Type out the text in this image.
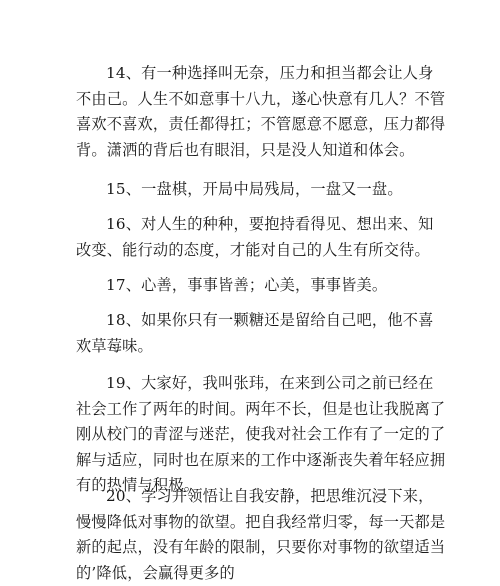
14、有一种选择叫无奈，压力和担当都会让人身不由己。人生不如意事十八九，遂心快意有几人？不管喜欢不喜欢，责任都得扛；不管愿意不愿意，压力都得背。潇洒的背后也有眼泪，只是没人知道和体会。

15、一盘棋，开局中局残局，一盘又一盘。

16、对人生的种种，要抱持看得见、想出来、知改变、能行动的态度，才能对自己的人生有所交待。

17、心善，事事皆善；心美，事事皆美。

18、如果你只有一颗糖还是留给自己吧，他不喜欢草莓味。

19、大家好，我叫张玮，在来到公司之前已经在社会工作了两年的时间。两年不长，但是也让我脱离了刚从校门的青涩与迷茫，使我对社会工作有了一定的了解与适应，同时也在原来的工作中逐渐丧失着年轻应拥有的热情与积极。

20、学习并领悟让自我安静，把思维沉浸下来，慢慢降低对事物的欲望。把自我经常归零，每一天都是新的起点，没有年龄的限制，只要你对事物的欲望适当的’降低，会赢得更多的
